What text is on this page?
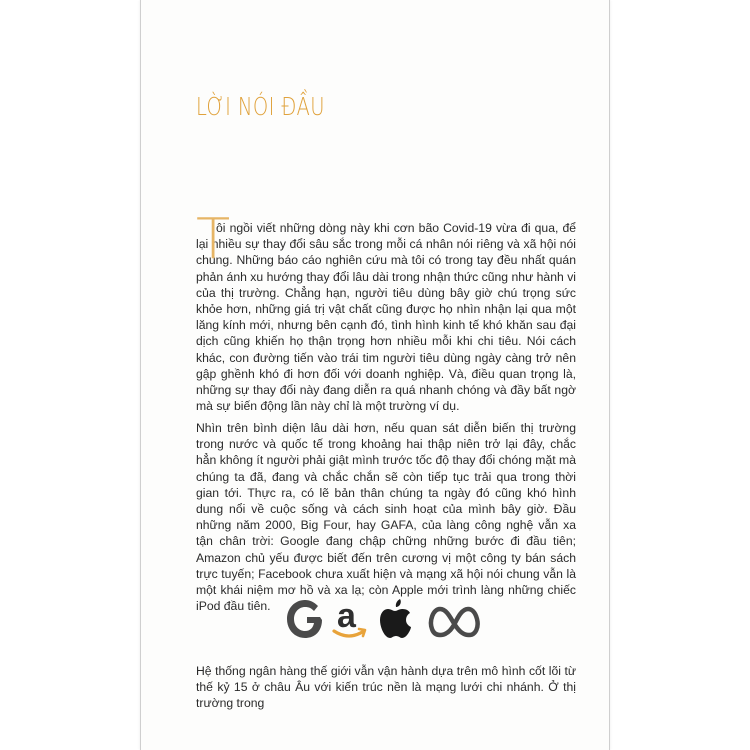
LỜI NÓI ĐẦU
T
ôi ngồi viết những dòng này khi cơn bão Covid-19 vừa đi qua, để lại nhiều sự thay đổi sâu sắc trong mỗi cá nhân nói riêng và xã hội nói chung. Những báo cáo nghiên cứu mà tôi có trong tay đều nhất quán phản ánh xu hướng thay đổi lâu dài trong nhận thức cũng như hành vi của thị trường. Chẳng hạn, người tiêu dùng bây giờ chú trọng sức khỏe hơn, những giá trị vật chất cũng được họ nhìn nhận lại qua một lăng kính mới, nhưng bên cạnh đó, tình hình kinh tế khó khăn sau đại dịch cũng khiến họ thận trọng hơn nhiều mỗi khi chi tiêu. Nói cách khác, con đường tiến vào trái tim người tiêu dùng ngày càng trở nên gập ghềnh khó đi hơn đối với doanh nghiệp. Và, điều quan trọng là, những sự thay đổi này đang diễn ra quá nhanh chóng và đầy bất ngờ mà sự biến động lần này chỉ là một trường ví dụ.

Nhìn trên bình diện lâu dài hơn, nếu quan sát diễn biến thị trường trong nước và quốc tế trong khoảng hai thập niên trở lại đây, chắc hẳn không ít người phải giật mình trước tốc độ thay đổi chóng mặt mà chúng ta đã, đang và chắc chắn sẽ còn tiếp tục trải qua trong thời gian tới. Thực ra, có lẽ bản thân chúng ta ngày đó cũng khó hình dung nổi về cuộc sống và cách sinh hoạt của mình bây giờ. Đầu những năm 2000, Big Four, hay GAFA, của làng công nghệ vẫn xa tận chân trời: Google đang chập chững những bước đi đầu tiên; Amazon chủ yếu được biết đến trên cương vị một công ty bán sách trực tuyến; Facebook chưa xuất hiện và mạng xã hội nói chung vẫn là một khái niệm mơ hồ và xa lạ; còn Apple mới trình làng những chiếc iPod đầu tiên.	a

Hệ thống ngân hàng thế giới vẫn vận hành dựa trên mô hình cốt lõi từ thế kỷ 15 ở châu Âu với kiến trúc nền là mạng lưới chi nhánh. Ở thị trường trong
